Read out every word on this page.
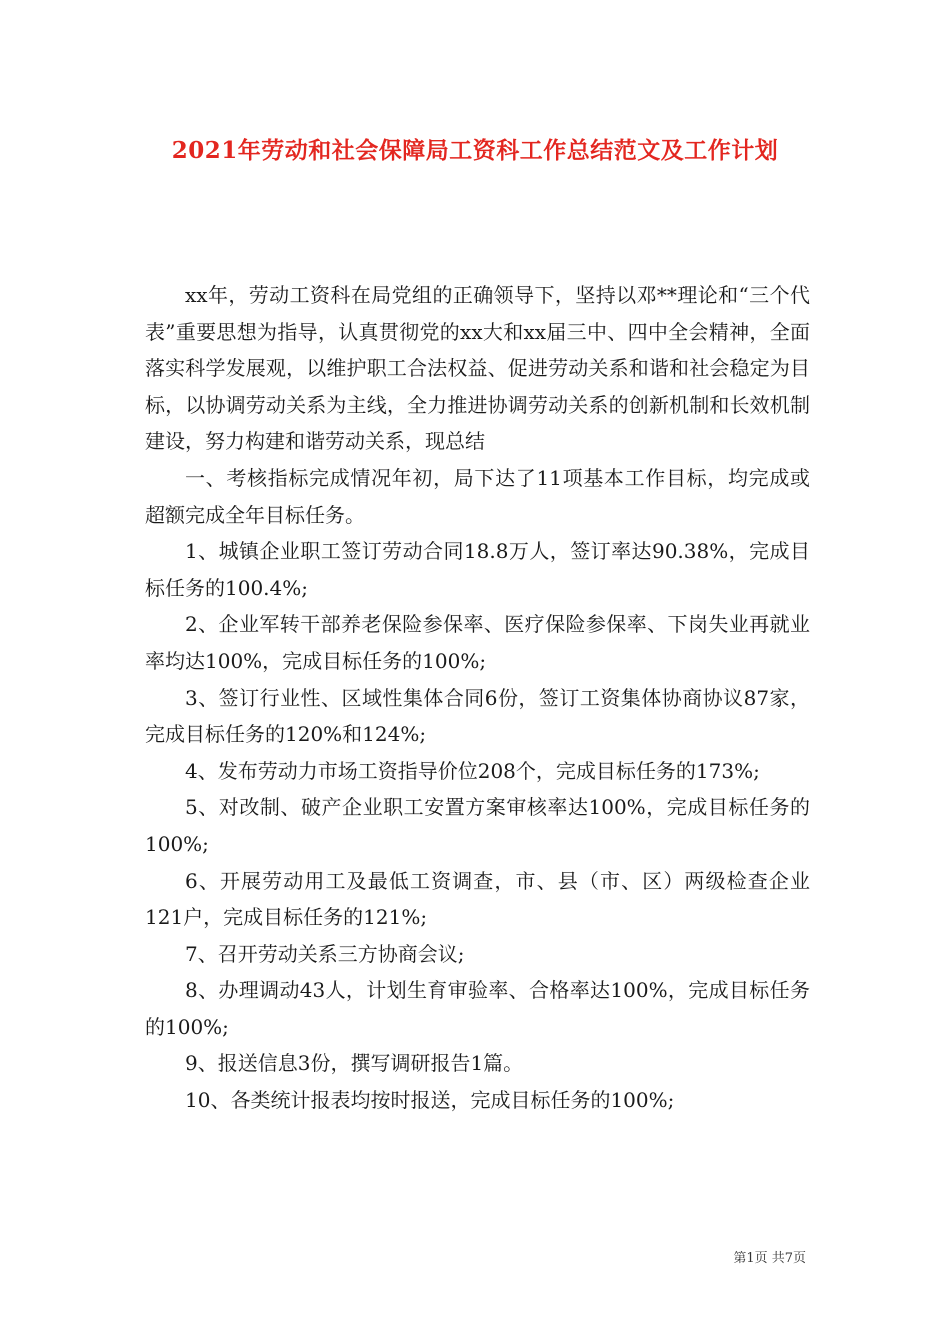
2021年劳动和社会保障局工资科工作总结范文及工作计划

xx年，劳动工资科在局党组的正确领导下，坚持以邓**理论和“三个代表”重要思想为指导，认真贯彻党的xx大和xx届三中、四中全会精神，全面落实科学发展观，以维护职工合法权益、促进劳动关系和谐和社会稳定为目标，以协调劳动关系为主线，全力推进协调劳动关系的创新机制和长效机制建设，努力构建和谐劳动关系，现总结

一、考核指标完成情况年初，局下达了11项基本工作目标，均完成或超额完成全年目标任务。

1、城镇企业职工签订劳动合同18.8万人，签订率达90.38%，完成目标任务的100.4%;

2、企业军转干部养老保险参保率、医疗保险参保率、下岗失业再就业率均达100%，完成目标任务的100%;

3、签订行业性、区域性集体合同6份，签订工资集体协商协议87家，完成目标任务的120%和124%;

4、发布劳动力市场工资指导价位208个，完成目标任务的173%;

5、对改制、破产企业职工安置方案审核率达100%，完成目标任务的100%;

6、开展劳动用工及最低工资调查，市、县（市、区）两级检查企业121户，完成目标任务的121%;

7、召开劳动关系三方协商会议;

8、办理调动43人，计划生育审验率、合格率达100%，完成目标任务的100%;

9、报送信息3份，撰写调研报告1篇。

10、各类统计报表均按时报送，完成目标任务的100%;

第1页 共7页
